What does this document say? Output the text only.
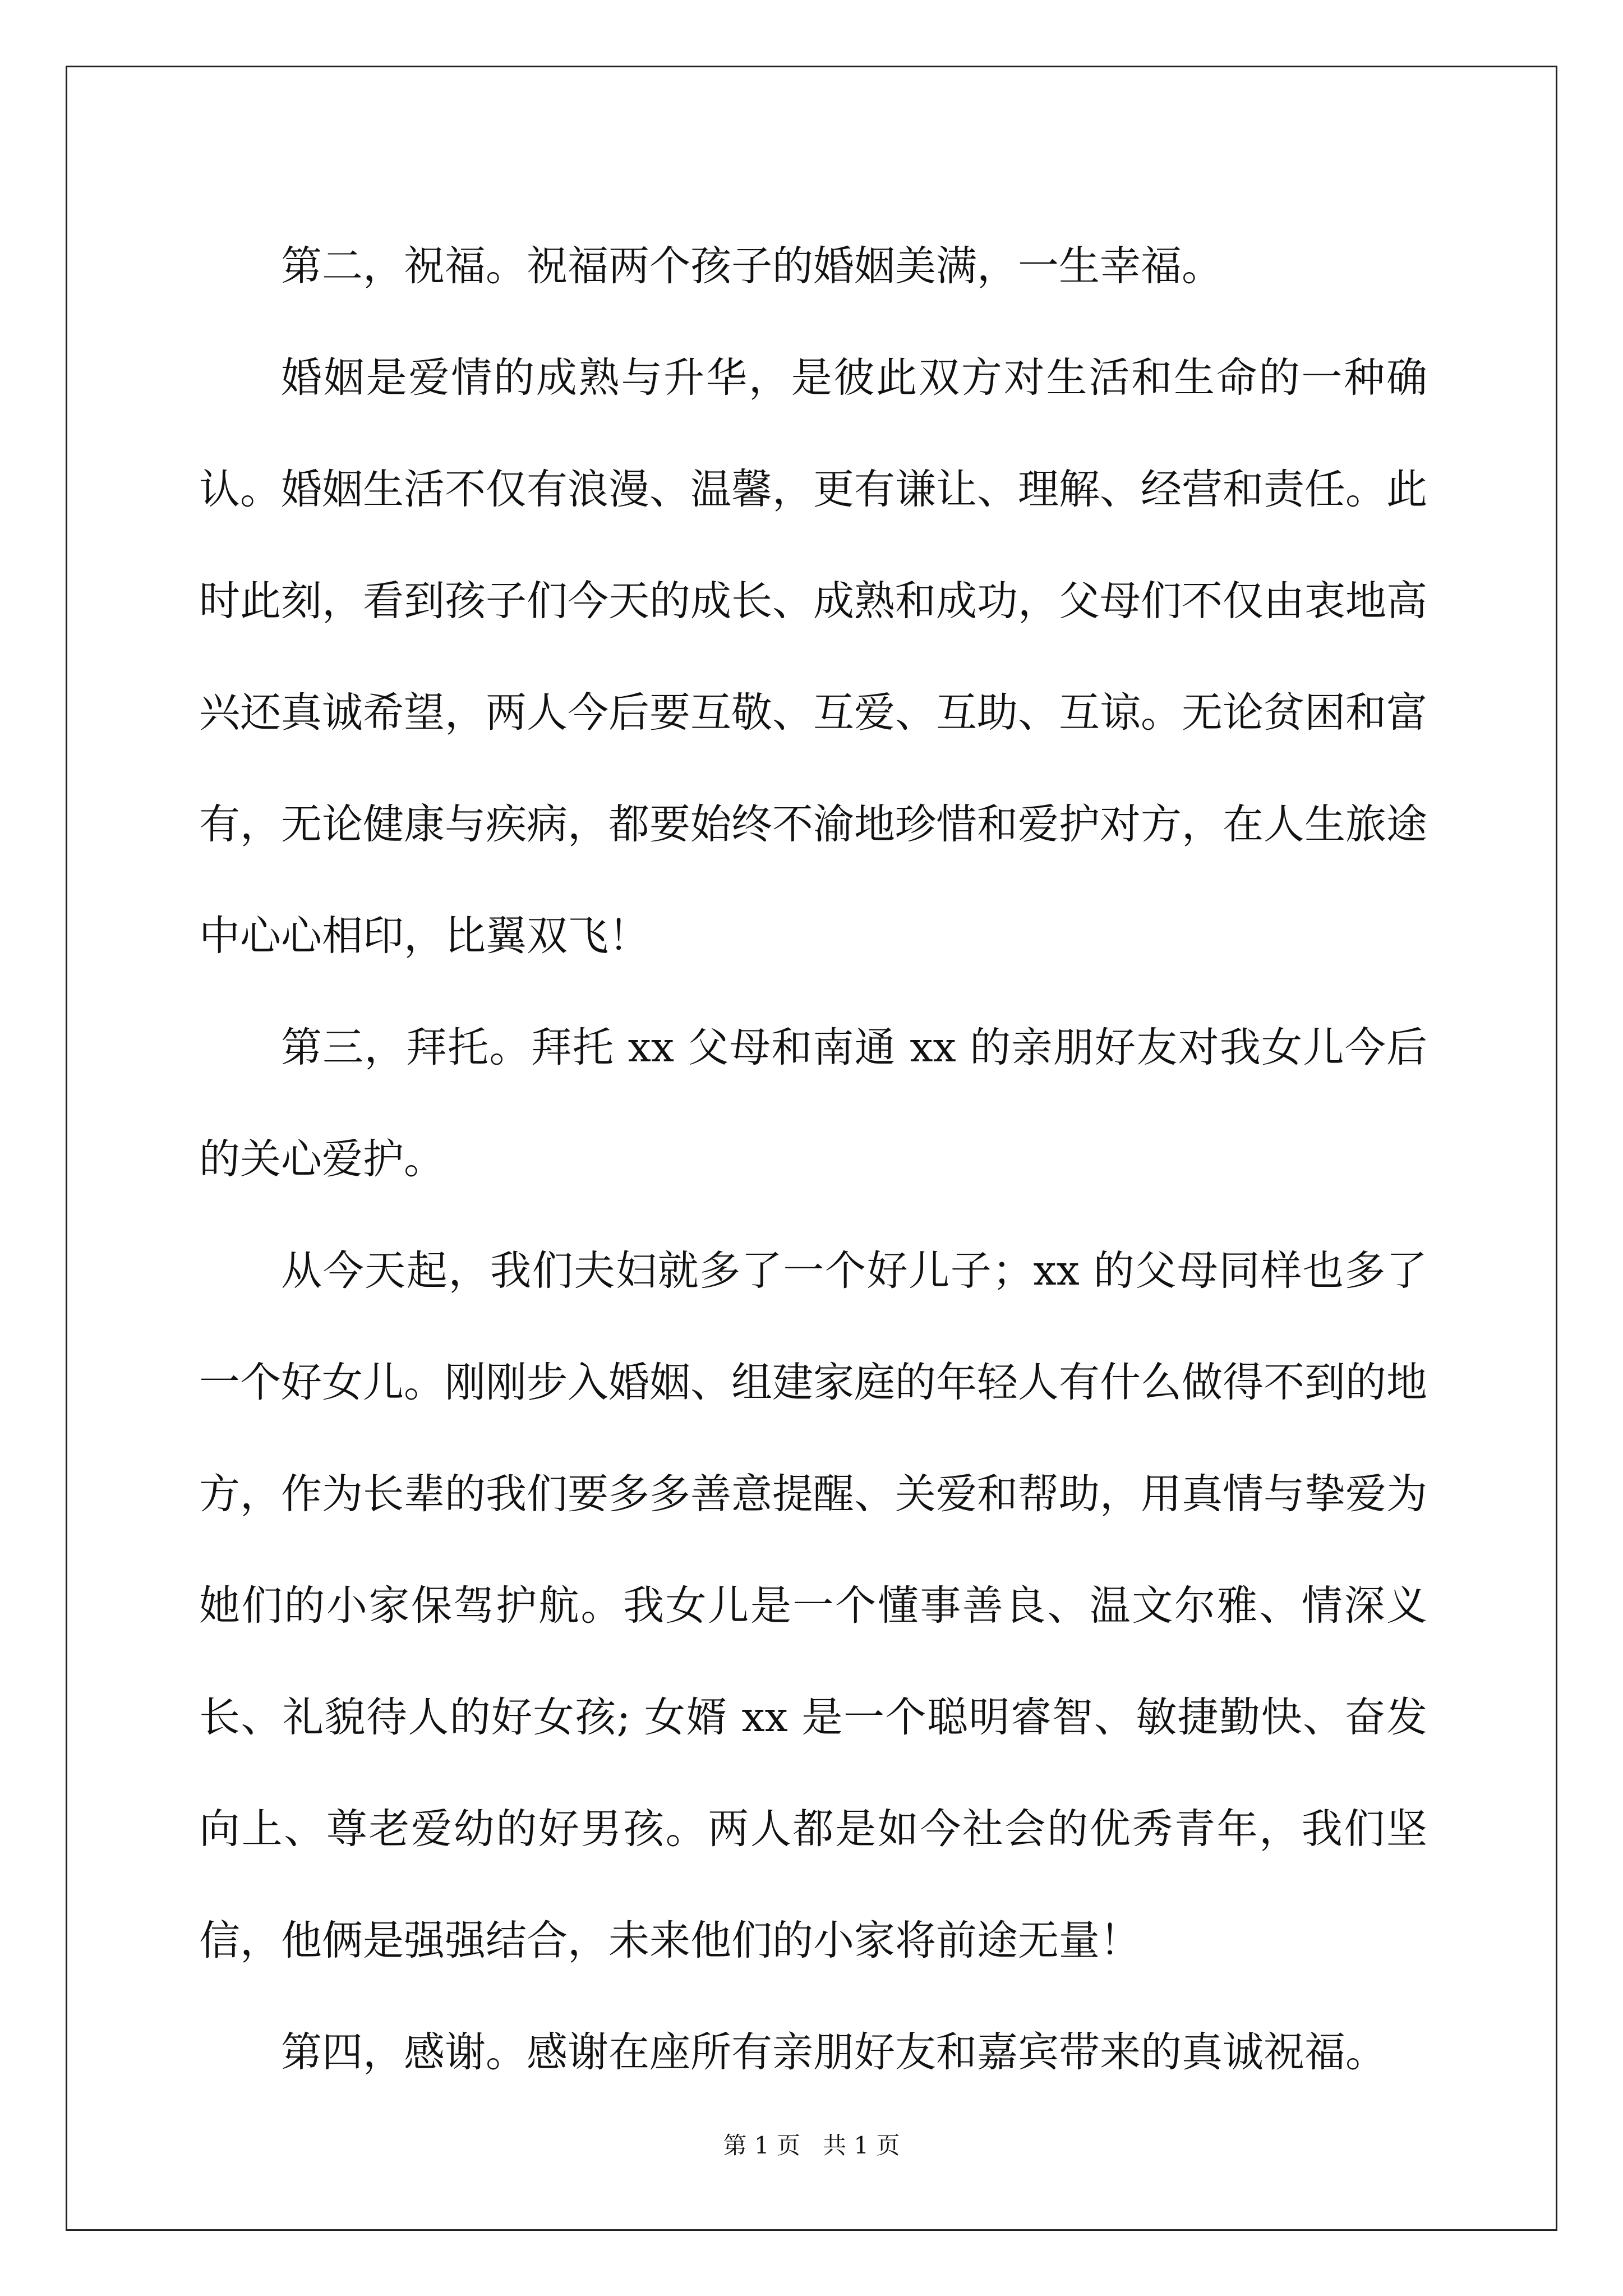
第二，祝福。祝福两个孩子的婚姻美满，一生幸福。

婚姻是爱情的成熟与升华，是彼此双方对生活和生命的一种确认。婚姻生活不仅有浪漫、温馨，更有谦让、理解、经营和责任。此时此刻，看到孩子们今天的成长、成熟和成功，父母们不仅由衷地高兴还真诚希望，两人今后要互敬、互爱、互助、互谅。无论贫困和富有，无论健康与疾病，都要始终不渝地珍惜和爱护对方，在人生旅途中心心相印，比翼双飞！

第三，拜托。拜托 xx 父母和南通 xx 的亲朋好友对我女儿今后的关心爱护。

从今天起，我们夫妇就多了一个好儿子；xx 的父母同样也多了一个好女儿。刚刚步入婚姻、组建家庭的年轻人有什么做得不到的地方，作为长辈的我们要多多善意提醒、关爱和帮助，用真情与挚爱为她们的小家保驾护航。我女儿是一个懂事善良、温文尔雅、情深义长、礼貌待人的好女孩; 女婿 xx 是一个聪明睿智、敏捷勤快、奋发向上、尊老爱幼的好男孩。两人都是如今社会的优秀青年，我们坚信，他俩是强强结合，未来他们的小家将前途无量！

第四，感谢。感谢在座所有亲朋好友和嘉宾带来的真诚祝福。

第 1 页   共 1 页
